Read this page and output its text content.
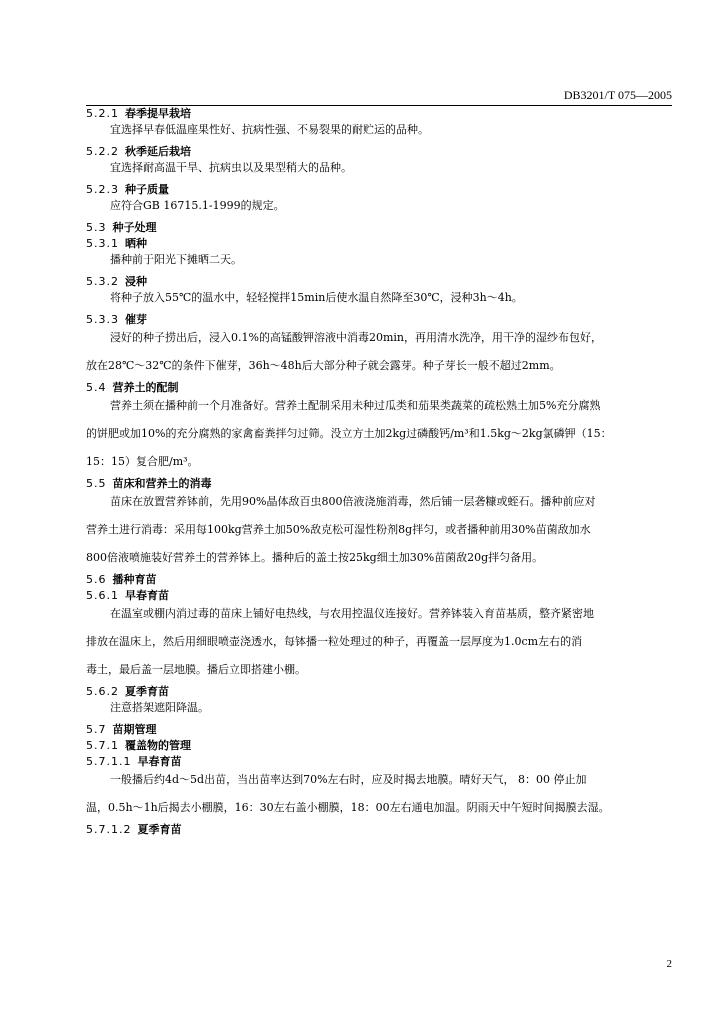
DB3201/T 075—2005
5.2.1 春季提早栽培
宜选择早春低温座果性好、抗病性强、不易裂果的耐贮运的品种。
5.2.2 秋季延后栽培
宜选择耐高温干旱、抗病虫以及果型稍大的品种。
5.2.3 种子质量
应符合GB 16715.1-1999的规定。
5.3 种子处理
5.3.1 晒种
播种前于阳光下摊晒二天。
5.3.2 浸种
将种子放入55℃的温水中，轻轻搅拌15min后使水温自然降至30℃，浸种3h～4h。
5.3.3 催芽
浸好的种子捞出后，浸入0.1%的高锰酸钾溶液中消毒20min，再用清水洗净，用干净的湿纱布包好，
放在28℃～32℃的条件下催芽，36h～48h后大部分种子就会露芽。种子芽长一般不超过2mm。
5.4 营养土的配制
营养土须在播种前一个月准备好。营养土配制采用未种过瓜类和茄果类蔬菜的疏松熟土加5%充分腐熟
的饼肥或加10%的充分腐熟的家禽畜粪拌匀过筛。没立方土加2kg过磷酸钙/m³和1.5kg～2kg氯磷钾（15：
15：15）复合肥/m³。
5.5 苗床和营养土的消毒
苗床在放置营养钵前，先用90%晶体敌百虫800倍液浇施消毒，然后铺一层砻糠或蛭石。播种前应对
营养土进行消毒：采用每100kg营养土加50%敌克松可湿性粉剂8g拌匀，或者播种前用30%苗菌敌加水
800倍液喷施装好营养土的营养钵上。播种后的盖土按25kg细土加30%苗菌敌20g拌匀备用。
5.6 播种育苗
5.6.1 早春育苗
在温室或棚内消过毒的苗床上铺好电热线，与农用控温仪连接好。营养钵装入育苗基质，整齐紧密地
排放在温床上，然后用细眼喷壶浇透水，每钵播一粒处理过的种子，再覆盖一层厚度为1.0cm左右的消
毒土，最后盖一层地膜。播后立即搭建小棚。
5.6.2 夏季育苗
注意搭架遮阳降温。
5.7 苗期管理
5.7.1 覆盖物的管理
5.7.1.1 早春育苗
一般播后约4d～5d出苗，当出苗率达到70%左右时，应及时揭去地膜。晴好天气， 8：00 停止加
温，0.5h～1h后揭去小棚膜，16：30左右盖小棚膜，18：00左右通电加温。阴雨天中午短时间揭膜去湿。
5.7.1.2 夏季育苗
2
